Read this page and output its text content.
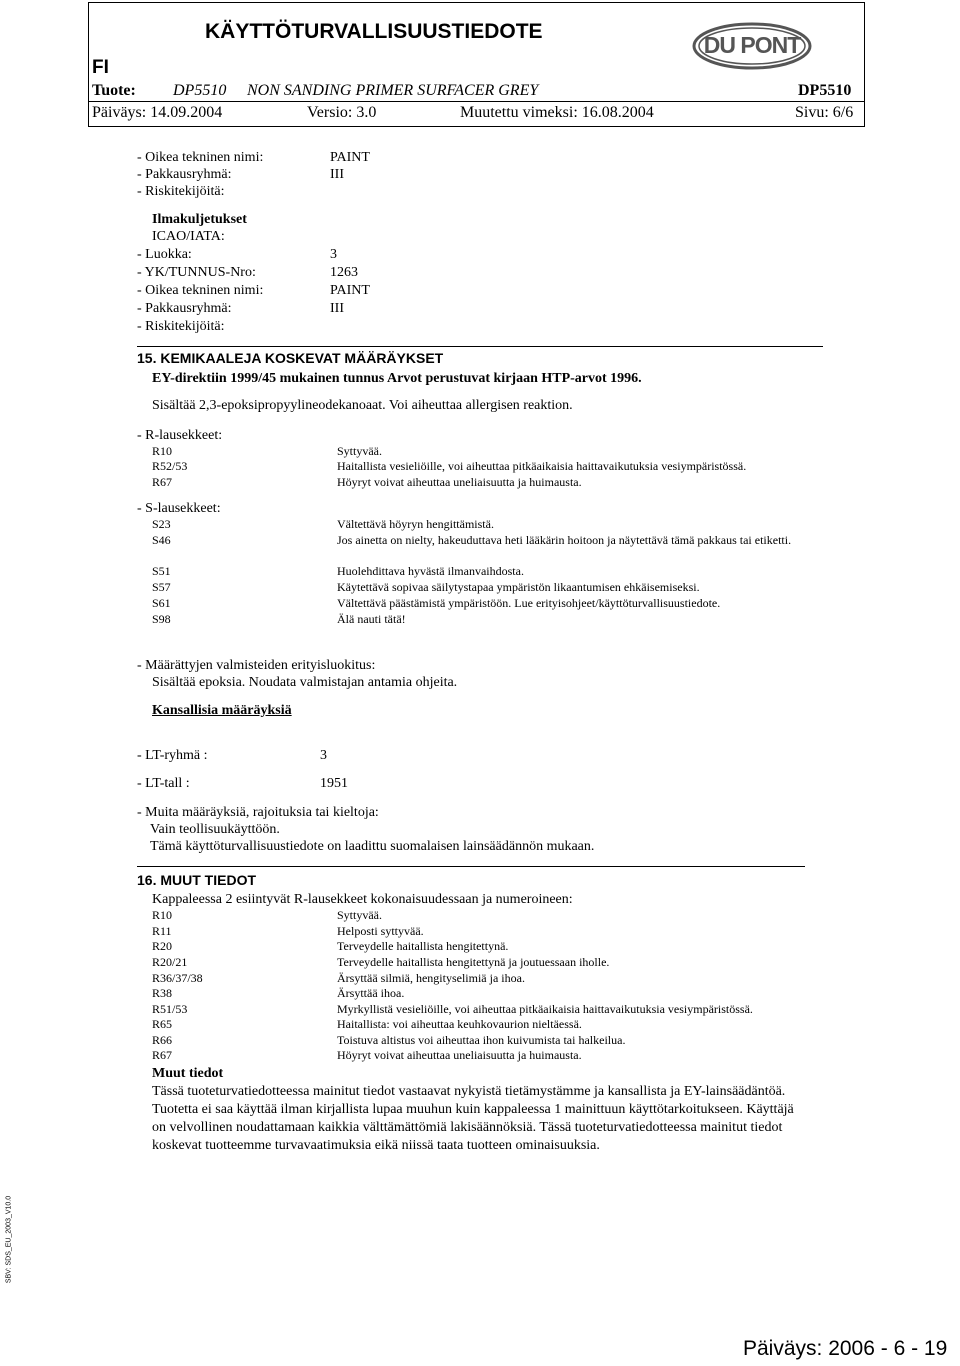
KÄYTTÖTURVALLISUUSTIEDOTE
FI
DU PONT
Tuote: DP5510 NON SANDING PRIMER SURFACER GREY	DP5510
Päiväys: 14.09.2004	Versio: 3.0	Muutettu vimeksi: 16.08.2004	Sivu: 6/6
- Oikea tekninen nimi:	PAINT
- Pakkausryhmä:	III
- Riskitekijöitä:
Ilmakuljetukset
ICAO/IATA:
- Luokka:	3
- YK/TUNNUS-Nro:	1263
- Oikea tekninen nimi:	PAINT
- Pakkausryhmä:	III
- Riskitekijöitä:
15. KEMIKAALEJA KOSKEVAT MÄÄRÄYKSET
EY-direktiin 1999/45 mukainen tunnus Arvot perustuvat kirjaan HTP-arvot 1996.
Sisältää 2,3-epoksipropyylineodekanoaat. Voi aiheuttaa allergisen reaktion.
- R-lausekkeet:
R10	Syttyvää.
R52/53	Haitallista vesieliöille, voi aiheuttaa pitkäaikaisia haittavaikutuksia vesiympäristössä.
R67	Höyryt voivat aiheuttaa uneliaisuutta ja huimausta.
- S-lausekkeet:
S23	Vältettävä höyryn hengittämistä.
S46	Jos ainetta on nielty, hakeuduttava heti lääkärin hoitoon ja näytettävä tämä pakkaus tai etiketti.
S51	Huolehdittava hyvästä ilmanvaihdosta.
S57	Käytettävä sopivaa säilytystapaa ympäristön likaantumisen ehkäisemiseksi.
S61	Vältettävä päästämistä ympäristöön. Lue erityisohjeet/käyttöturvallisuustiedote.
S98	Älä nauti tätä!
- Määrättyjen valmisteiden erityisluokitus:
Sisältää epoksia. Noudata valmistajan antamia ohjeita.
Kansallisia määräyksiä
- LT-ryhmä :	3
- LT-tall :	1951
- Muita määräyksiä, rajoituksia tai kieltoja:
Vain teollisuukäyttöön.
Tämä käyttöturvallisuustiedote on laadittu suomalaisen lainsäädännön mukaan.
16. MUUT TIEDOT
Kappaleessa 2 esiintyvät R-lausekkeet kokonaisuudessaan ja numeroineen:
R10	Syttyvää.
R11	Helposti syttyvää.
R20	Terveydelle haitallista hengitettynä.
R20/21	Terveydelle haitallista hengitettynä ja joutuessaan iholle.
R36/37/38	Ärsyttää silmiä, hengityselimiä ja ihoa.
R38	Ärsyttää ihoa.
R51/53	Myrkyllistä vesieliöille, voi aiheuttaa pitkäaikaisia haittavaikutuksia vesiympäristössä.
R65	Haitallista: voi aiheuttaa keuhkovaurion nieltäessä.
R66	Toistuva altistus voi aiheuttaa ihon kuivumista tai halkeilua.
R67	Höyryt voivat aiheuttaa uneliaisuutta ja huimausta.
Muut tiedot
Tässä tuoteturvatiedotteessa mainitut tiedot vastaavat nykyistä tietämystämme ja kansallista ja EY-lainsäädäntöä. Tuotetta ei saa käyttää ilman kirjallista lupaa muuhun kuin kappaleessa 1 mainittuun käyttötarkoitukseen. Käyttäjä on velvollinen noudattamaan kaikkia välttämättömiä lakisäännöksiä. Tässä tuoteturvatiedotteessa mainitut tiedot koskevat tuotteemme turvavaatimuksia eikä niissä taata tuotteen ominaisuuksia.
SBV: SDS_EU_2003_V10.0
Päiväys: 2006 - 6 - 19
